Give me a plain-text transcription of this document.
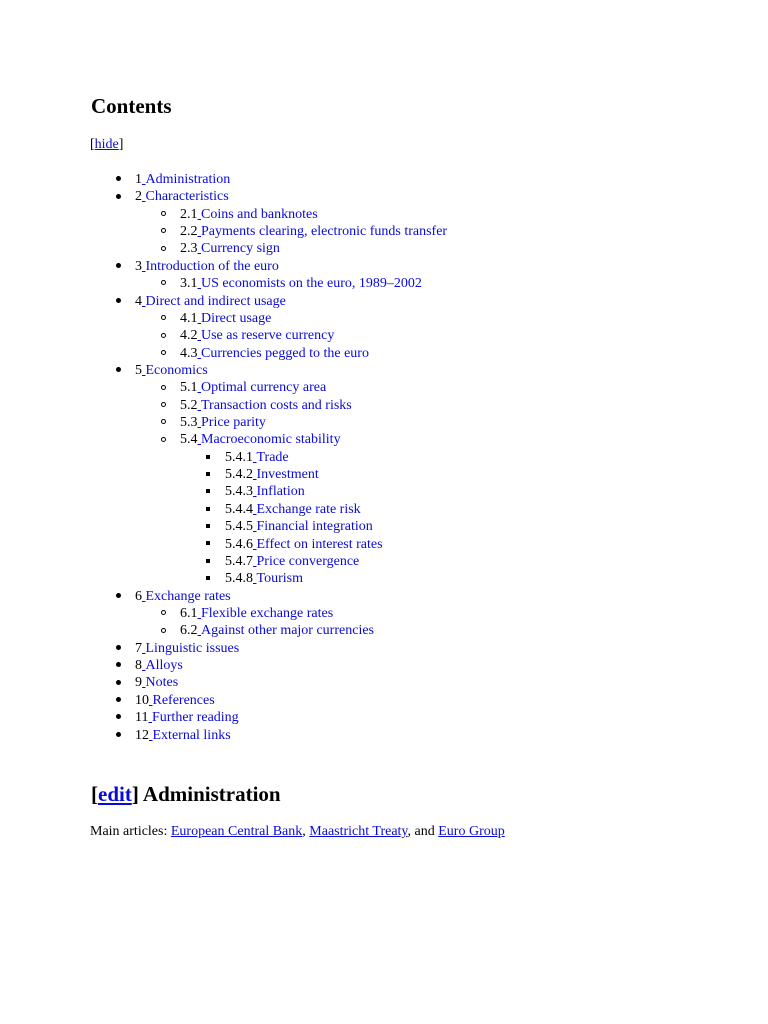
Contents
[hide]
1 Administration
2 Characteristics
2.1 Coins and banknotes
2.2 Payments clearing, electronic funds transfer
2.3 Currency sign
3 Introduction of the euro
3.1 US economists on the euro, 1989–2002
4 Direct and indirect usage
4.1 Direct usage
4.2 Use as reserve currency
4.3 Currencies pegged to the euro
5 Economics
5.1 Optimal currency area
5.2 Transaction costs and risks
5.3 Price parity
5.4 Macroeconomic stability
5.4.1 Trade
5.4.2 Investment
5.4.3 Inflation
5.4.4 Exchange rate risk
5.4.5 Financial integration
5.4.6 Effect on interest rates
5.4.7 Price convergence
5.4.8 Tourism
6 Exchange rates
6.1 Flexible exchange rates
6.2 Against other major currencies
7 Linguistic issues
8 Alloys
9 Notes
10 References
11 Further reading
12 External links
[edit] Administration
Main articles: European Central Bank, Maastricht Treaty, and Euro Group
